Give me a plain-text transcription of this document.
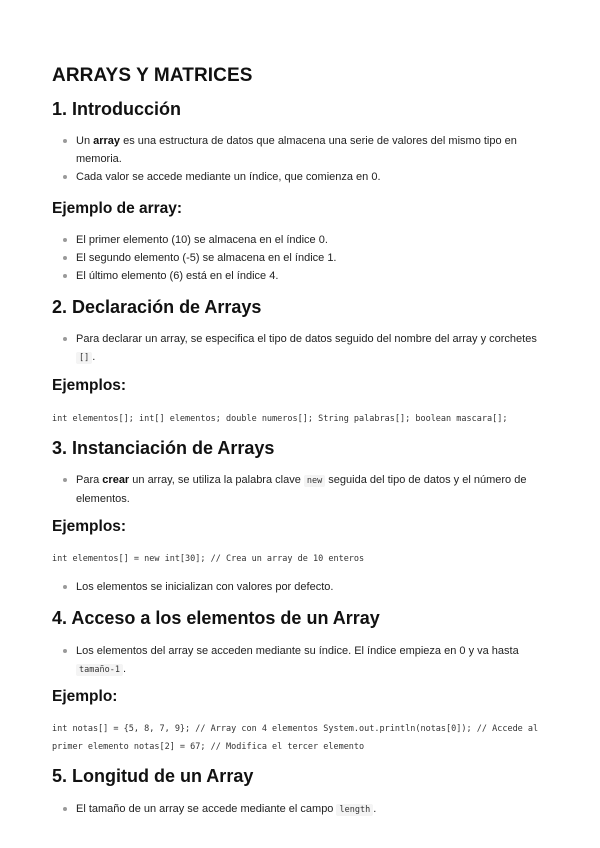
ARRAYS Y MATRICES
1. Introducción
Un array es una estructura de datos que almacena una serie de valores del mismo tipo en memoria.
Cada valor se accede mediante un índice, que comienza en 0.
Ejemplo de array:
El primer elemento (10) se almacena en el índice 0.
El segundo elemento (-5) se almacena en el índice 1.
El último elemento (6) está en el índice 4.
2. Declaración de Arrays
Para declarar un array, se especifica el tipo de datos seguido del nombre del array y corchetes [] .
Ejemplos:
int elementos[]; int[] elementos; double numeros[]; String palabras[]; boolean mascara[];
3. Instanciación de Arrays
Para crear un array, se utiliza la palabra clave new seguida del tipo de datos y el número de elementos.
Ejemplos:
int elementos[] = new int[30]; // Crea un array de 10 enteros
Los elementos se inicializan con valores por defecto.
4. Acceso a los elementos de un Array
Los elementos del array se acceden mediante su índice. El índice empieza en 0 y va hasta tamaño-1 .
Ejemplo:
int notas[] = {5, 8, 7, 9}; // Array con 4 elementos System.out.println(notas[0]); // Accede al primer elemento notas[2] = 67; // Modifica el tercer elemento
5. Longitud de un Array
El tamaño de un array se accede mediante el campo length .
